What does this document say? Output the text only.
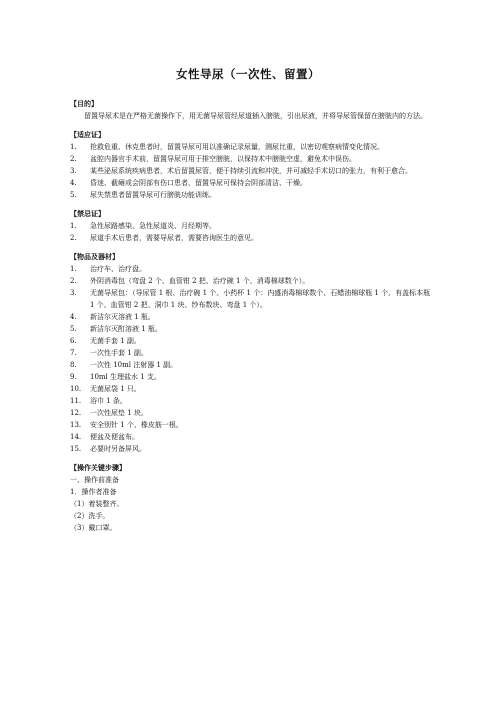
女性导尿（一次性、留置）
【目的】
留置导尿术是在严格无菌操作下，用无菌导尿管经尿道插入膀胱，引出尿液，并将导尿管保留在膀胱内的方法。
【适应证】
1. 抢救危重、休克患者时，留置导尿可用以准确记录尿量，测尿比重，以密切观察病情变化情况。
2. 盆腔内器官手术前，留置导尿可用于排空膀胱，以保持术中膀胱空虚，避免术中误伤。
3. 某些泌尿系统疾病患者，术后留置尿管，便于持续引流和冲洗，并可减轻手术切口的张力，有利于愈合。
4. 昏迷、截瘫或会阴部有伤口患者，留置导尿可保持会阴部清洁、干燥。
5. 尿失禁患者留置导尿可行膀胱功能训练。
【禁忌证】
1. 急性尿路感染、急性尿道炎、月经期等。
2. 尿道手术后患者，需要导尿者，需要咨询医生的意见。
【物品及器材】
1. 治疗车、治疗盘。
2. 外阴消毒包（弯盘 2 个、血管钳 2 把、治疗碗 1 个、消毒棉球数个）。
3. 无菌导尿包：（导尿管 1 根、治疗碗 1 个、小药杯 1 个：内盛消毒棉球数个、石蜡油棉球瓶 1 个、有盖标本瓶 1 个、血管钳 2 把、洞巾 1 块、纱布数块、弯盘 1 个）。
4. 新洁尔灭溶液 1 瓶。
5. 新洁尔灭酊溶液 1 瓶。
6. 无菌手套 1 副。
7. 一次性手套 1 副。
8. 一次性 10ml 注射器 1 副。
9. 10ml 生理盐水 1 支。
10. 无菌尿袋 1 只。
11. 浴巾 1 条。
12. 一次性尿垫 1 块。
13. 安全别针 1 个、橡皮筋一根。
14. 便盆及便盆布。
15. 必要时另备屏风。
【操作关键步骤】
一、操作前准备
1．操作者准备
（1）着装整齐。
（2）洗手。
（3）戴口罩。
